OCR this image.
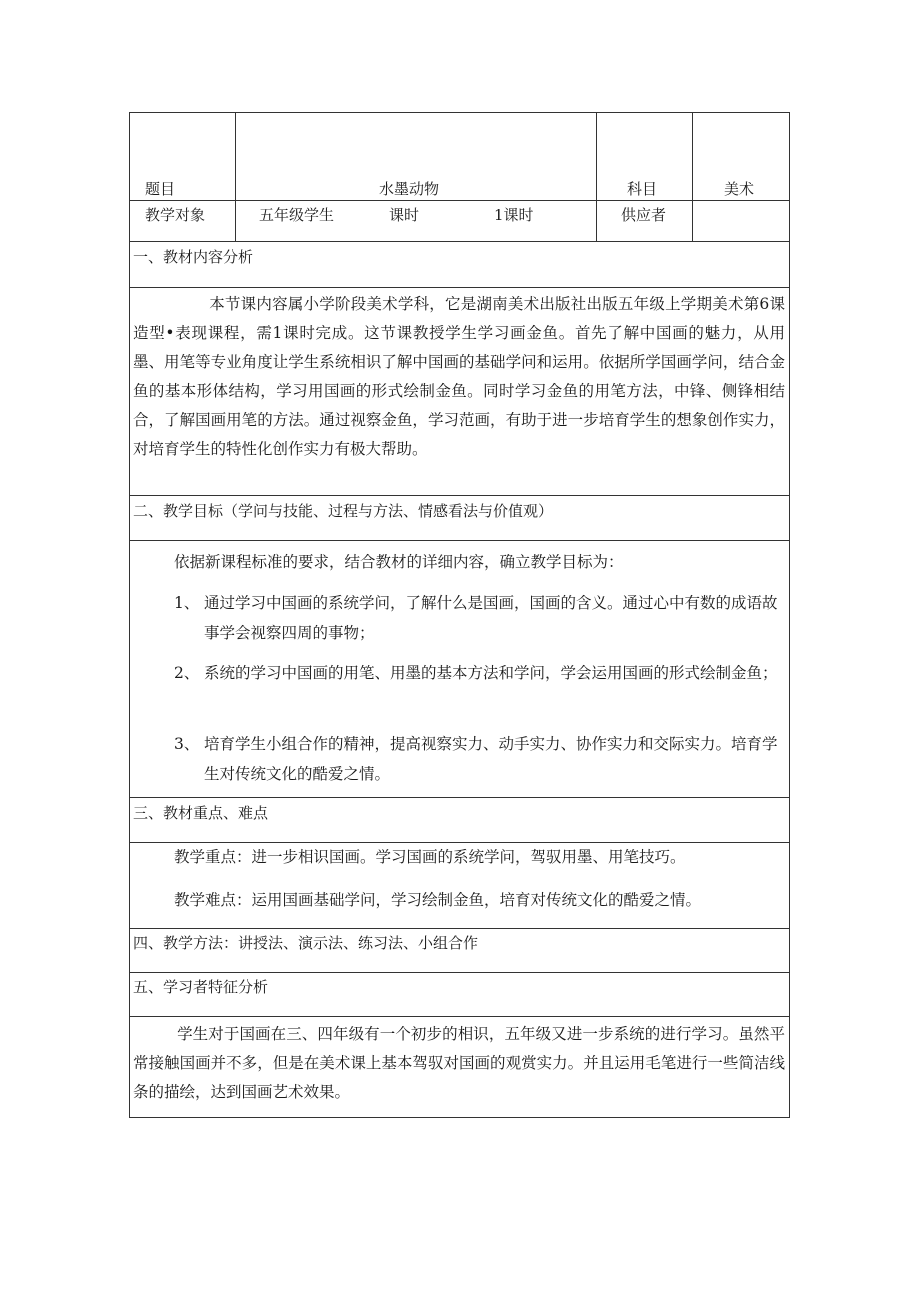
题目	水墨动物	科目	美术
教学对象	五年级学生	课时	1课时	供应者
一、教材内容分析
本节课内容属小学阶段美术学科，它是湖南美术出版社出版五年级上学期美术第6课造型•表现课程，需1课时完成。这节课教授学生学习画金鱼。首先了解中国画的魅力，从用墨、用笔等专业角度让学生系统相识了解中国画的基础学问和运用。依据所学国画学问，结合金鱼的基本形体结构，学习用国画的形式绘制金鱼。同时学习金鱼的用笔方法，中锋、侧锋相结合，了解国画用笔的方法。通过视察金鱼，学习范画，有助于进一步培育学生的想象创作实力，对培育学生的特性化创作实力有极大帮助。
二、教学目标（学问与技能、过程与方法、情感看法与价值观）
依据新课程标准的要求，结合教材的详细内容，确立教学目标为：
1、 通过学习中国画的系统学问，了解什么是国画，国画的含义。通过心中有数的成语故事学会视察四周的事物；
2、 系统的学习中国画的用笔、用墨的基本方法和学问，学会运用国画的形式绘制金鱼；
3、 培育学生小组合作的精神，提高视察实力、动手实力、协作实力和交际实力。培育学生对传统文化的酷爱之情。
三、教材重点、难点
教学重点：进一步相识国画。学习国画的系统学问，驾驭用墨、用笔技巧。
教学难点：运用国画基础学问，学习绘制金鱼，培育对传统文化的酷爱之情。
四、教学方法：讲授法、演示法、练习法、小组合作
五、学习者特征分析
学生对于国画在三、四年级有一个初步的相识，五年级又进一步系统的进行学习。虽然平常接触国画并不多，但是在美术课上基本驾驭对国画的观赏实力。并且运用毛笔进行一些简洁线条的描绘，达到国画艺术效果。
